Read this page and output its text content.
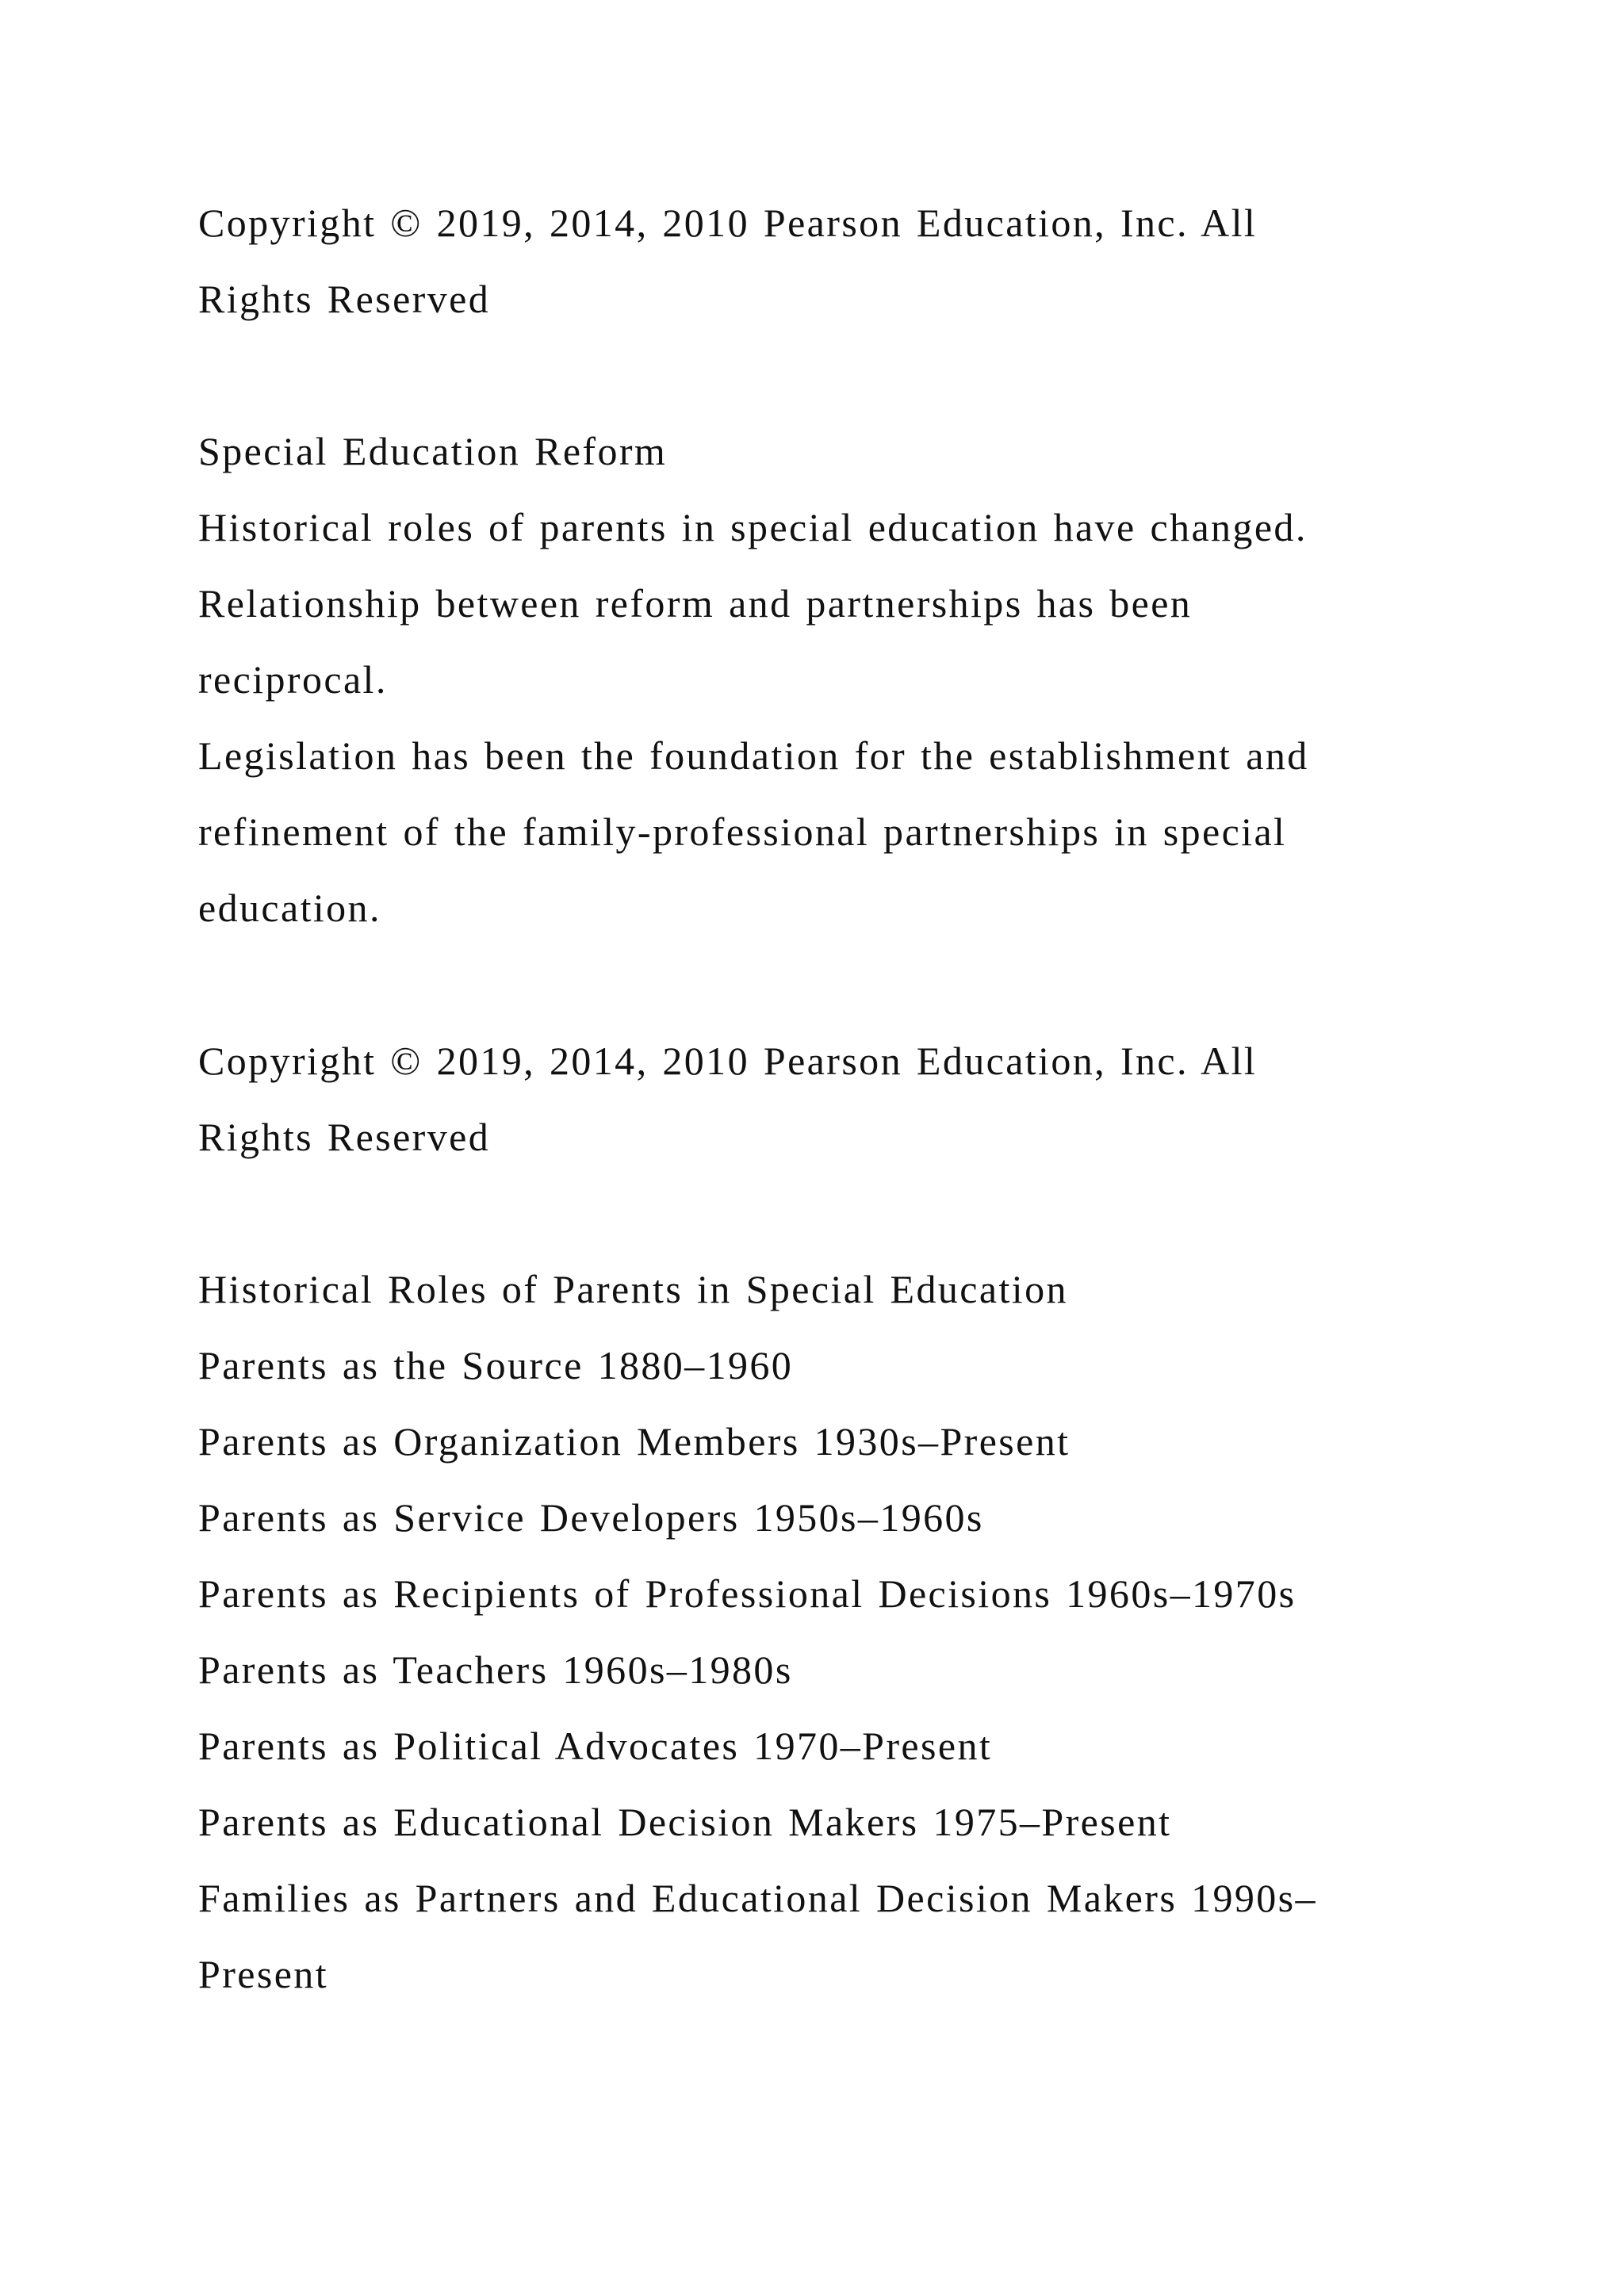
Copyright © 2019, 2014, 2010 Pearson Education, Inc. All
Rights Reserved
Special Education Reform
Historical roles of parents in special education have changed.
Relationship between reform and partnerships has been
reciprocal.
Legislation has been the foundation for the establishment and
refinement of the family-professional partnerships in special
education.
Copyright © 2019, 2014, 2010 Pearson Education, Inc. All
Rights Reserved
Historical Roles of Parents in Special Education
Parents as the Source 1880–1960
Parents as Organization Members 1930s–Present
Parents as Service Developers 1950s–1960s
Parents as Recipients of Professional Decisions 1960s–1970s
Parents as Teachers 1960s–1980s
Parents as Political Advocates 1970–Present
Parents as Educational Decision Makers 1975–Present
Families as Partners and Educational Decision Makers 1990s–
Present
